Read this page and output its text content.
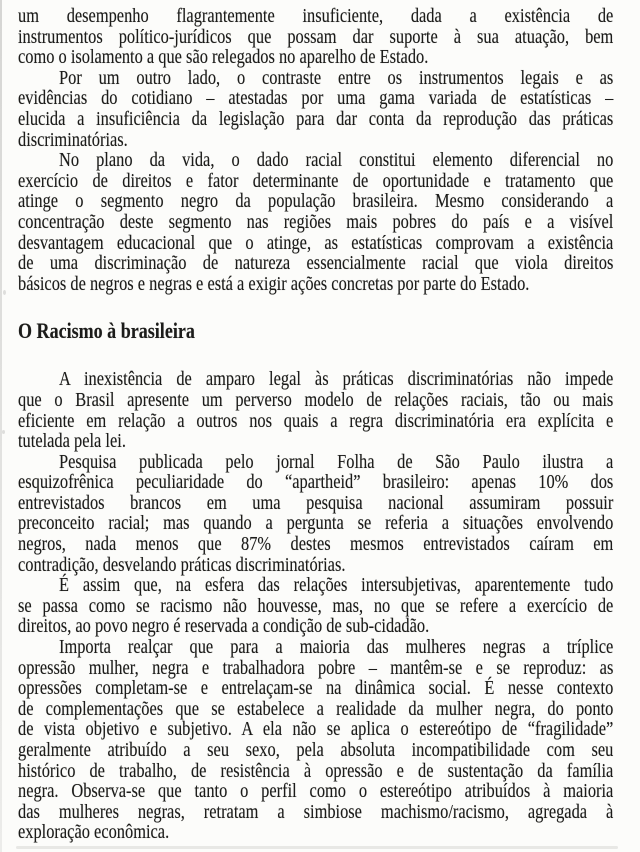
um desempenho flagrantemente insuficiente, dada a existência de
instrumentos político-jurídicos que possam dar suporte à sua atuação, bem
como o isolamento a que são relegados no aparelho de Estado.
Por um outro lado, o contraste entre os instrumentos legais e as
evidências do cotidiano – atestadas por uma gama variada de estatísticas –
elucida a insuficiência da legislação para dar conta da reprodução das práticas
discriminatórias.
No plano da vida, o dado racial constitui elemento diferencial no
exercício de direitos e fator determinante de oportunidade e tratamento que
atinge o segmento negro da população brasileira. Mesmo considerando a
concentração deste segmento nas regiões mais pobres do país e a visível
desvantagem educacional que o atinge, as estatísticas comprovam a existência
de uma discriminação de natureza essencialmente racial que viola direitos
básicos de negros e negras e está a exigir ações concretas por parte do Estado.
O Racismo à brasileira
A inexistência de amparo legal às práticas discriminatórias não impede
que o Brasil apresente um perverso modelo de relações raciais, tão ou mais
eficiente em relação a outros nos quais a regra discriminatória era explícita e
tutelada pela lei.
Pesquisa publicada pelo jornal Folha de São Paulo ilustra a
esquizofrênica peculiaridade do “apartheid” brasileiro: apenas 10% dos
entrevistados brancos em uma pesquisa nacional assumiram possuir
preconceito racial; mas quando a pergunta se referia a situações envolvendo
negros, nada menos que 87% destes mesmos entrevistados caíram em
contradição, desvelando práticas discriminatórias.
É assim que, na esfera das relações intersubjetivas, aparentemente tudo
se passa como se racismo não houvesse, mas, no que se refere a exercício de
direitos, ao povo negro é reservada a condição de sub-cidadão.
Importa realçar que para a maioria das mulheres negras a tríplice
opressão mulher, negra e trabalhadora pobre – mantêm-se e se reproduz: as
opressões completam-se e entrelaçam-se na dinâmica social. É nesse contexto
de complementações que se estabelece a realidade da mulher negra, do ponto
de vista objetivo e subjetivo. A ela não se aplica o estereótipo de “fragilidade”
geralmente atribuído a seu sexo, pela absoluta incompatibilidade com seu
histórico de trabalho, de resistência à opressão e de sustentação da família
negra. Observa-se que tanto o perfil como o estereótipo atribuídos à maioria
das mulheres negras, retratam a simbiose machismo/racismo, agregada à
exploração econômica.
